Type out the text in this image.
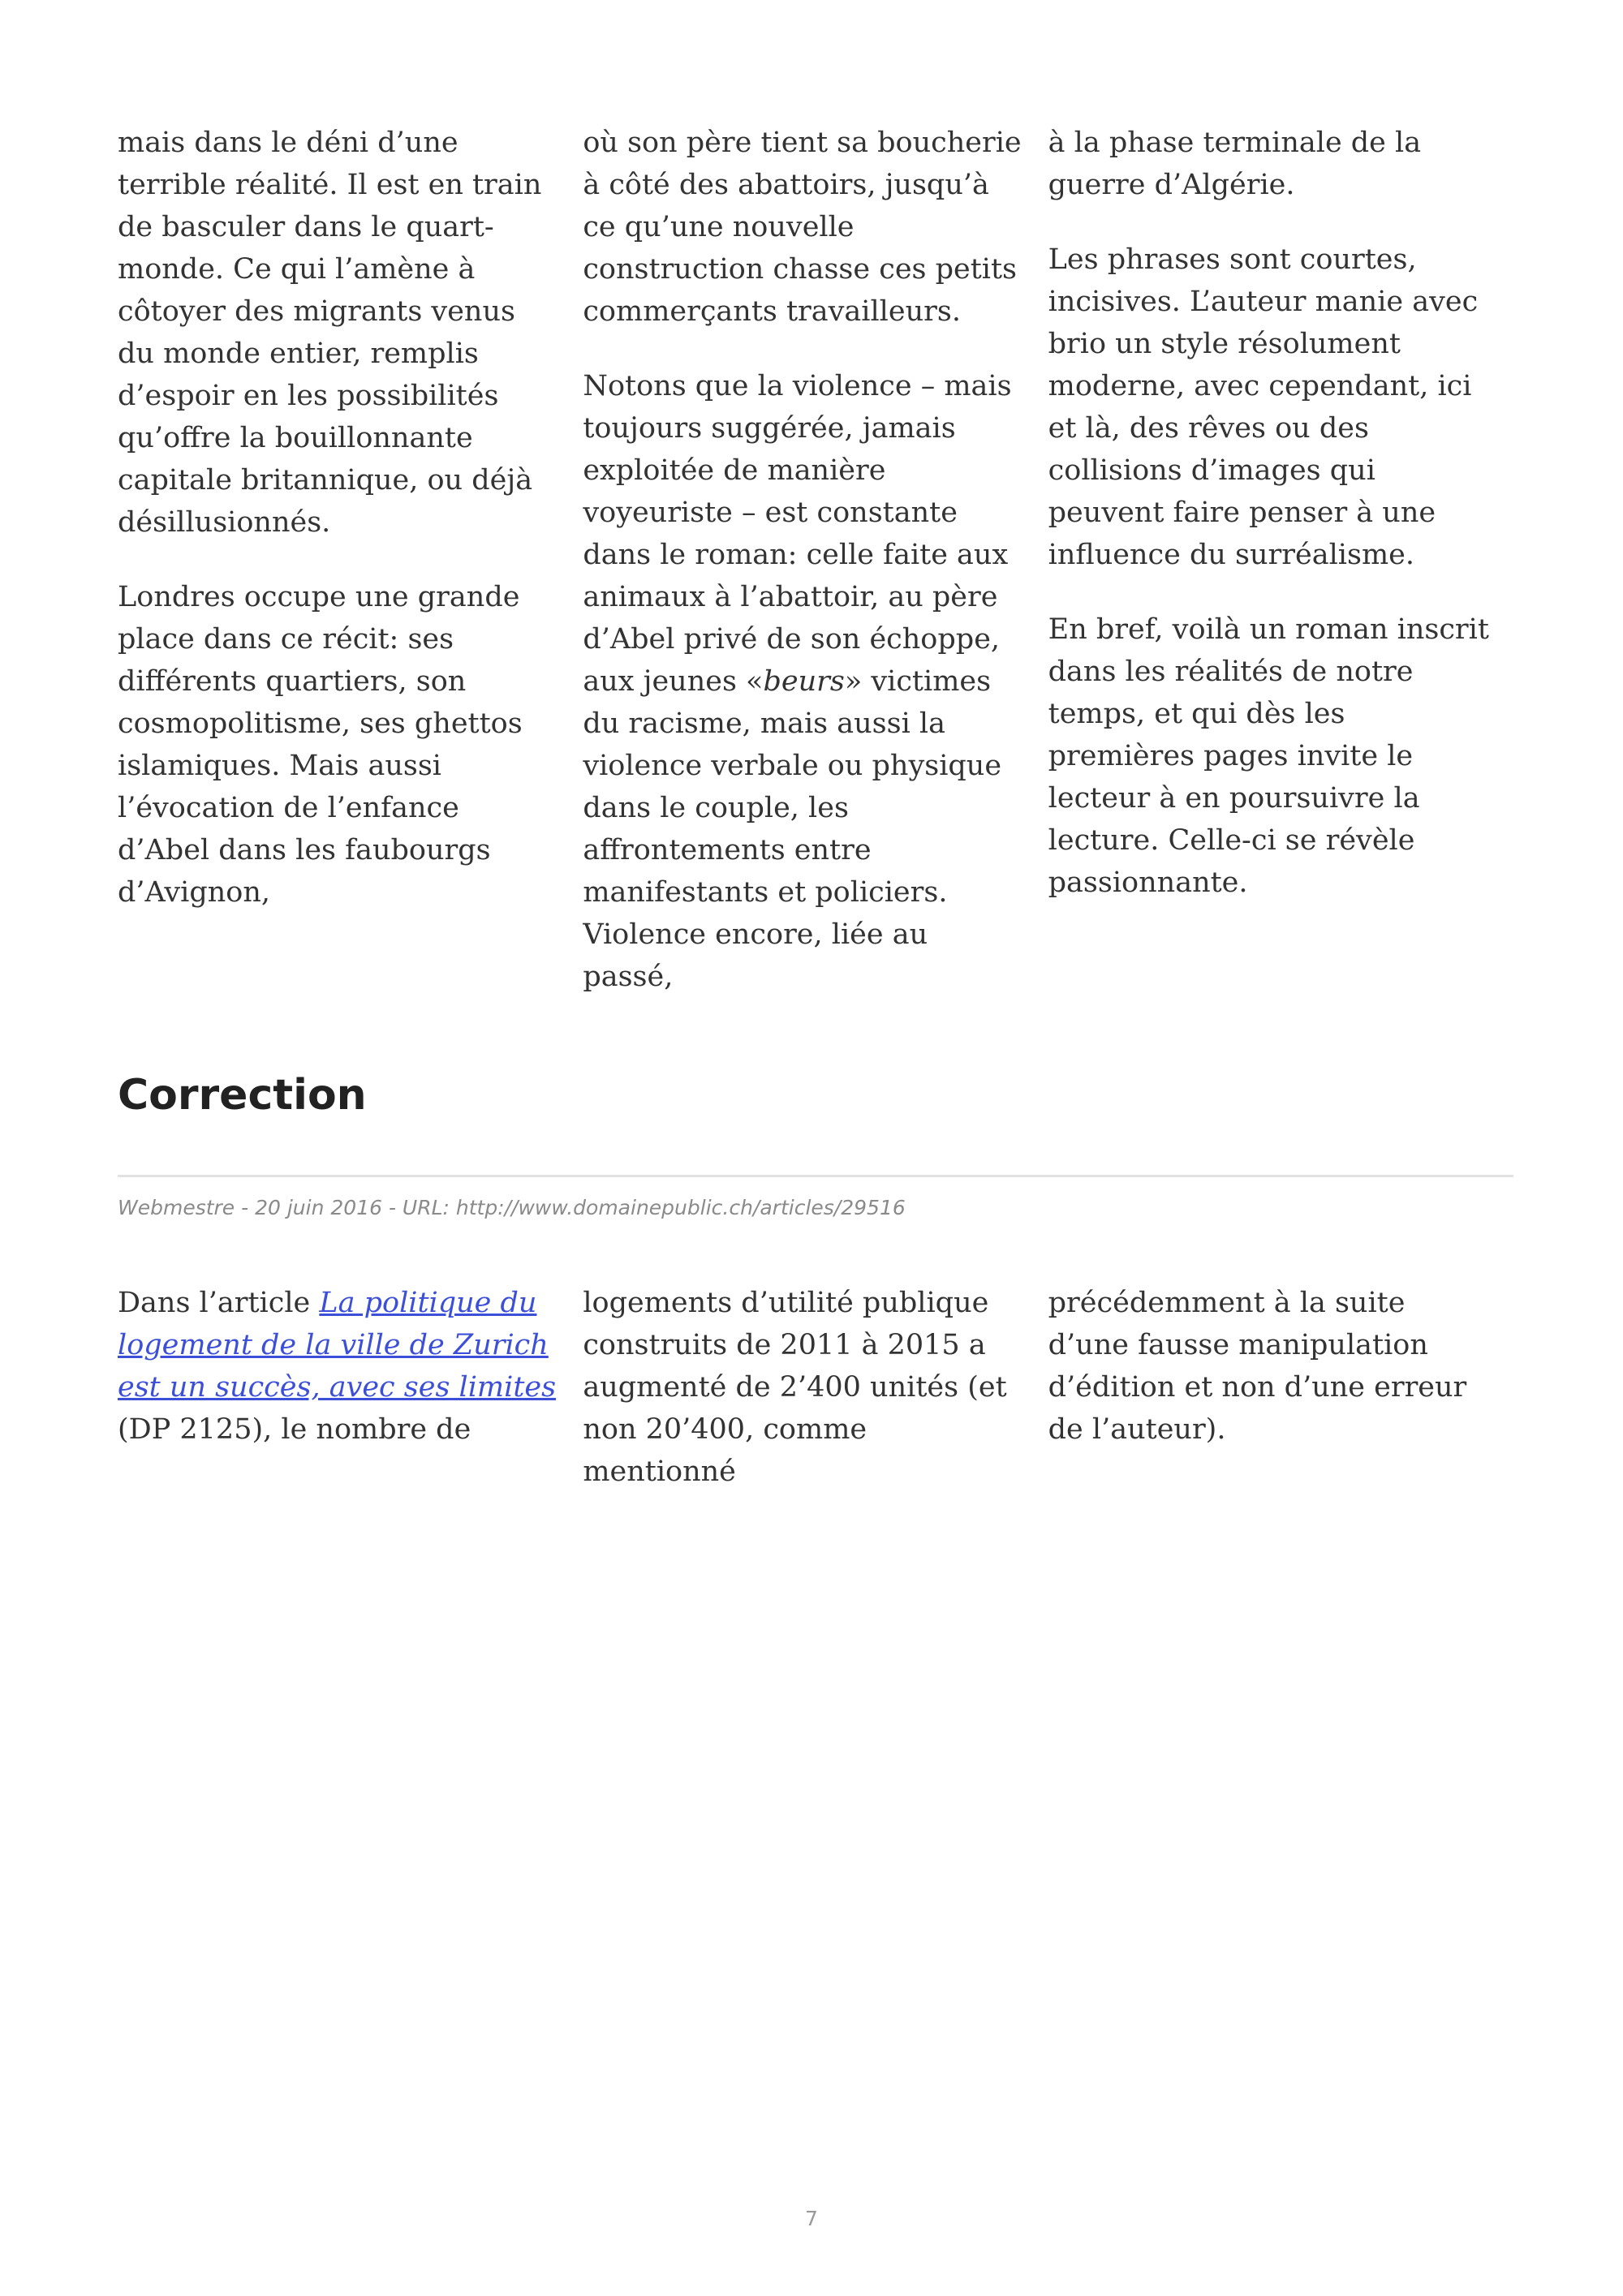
mais dans le déni d’une terrible réalité. Il est en train de basculer dans le quart-monde. Ce qui l’amène à côtoyer des migrants venus du monde entier, remplis d’espoir en les possibilités qu’offre la bouillonnante capitale britannique, ou déjà désillusionnés.

Londres occupe une grande place dans ce récit: ses différents quartiers, son cosmopolitisme, ses ghettos islamiques. Mais aussi l’évocation de l’enfance d’Abel dans les faubourgs d’Avignon,

où son père tient sa boucherie à côté des abattoirs, jusqu’à ce qu’une nouvelle construction chasse ces petits commerçants travailleurs.

Notons que la violence – mais toujours suggérée, jamais exploitée de manière voyeuriste – est constante dans le roman: celle faite aux animaux à l’abattoir, au père d’Abel privé de son échoppe, aux jeunes «beurs» victimes du racisme, mais aussi la violence verbale ou physique dans le couple, les affrontements entre manifestants et policiers. Violence encore, liée au passé,

à la phase terminale de la guerre d’Algérie.

Les phrases sont courtes, incisives. L’auteur manie avec brio un style résolument moderne, avec cependant, ici et là, des rêves ou des collisions d’images qui peuvent faire penser à une influence du surréalisme.

En bref, voilà un roman inscrit dans les réalités de notre temps, et qui dès les premières pages invite le lecteur à en poursuivre la lecture. Celle-ci se révèle passionnante.

Correction
Webmestre - 20 juin 2016 - URL: http://www.domainepublic.ch/articles/29516

Dans l’article La politique du logement de la ville de Zurich est un succès, avec ses limites (DP 2125), le nombre de

logements d’utilité publique construits de 2011 à 2015 a augmenté de 2’400 unités (et non 20’400, comme mentionné

précédemment à la suite d’une fausse manipulation d’édition et non d’une erreur de l’auteur).

7
